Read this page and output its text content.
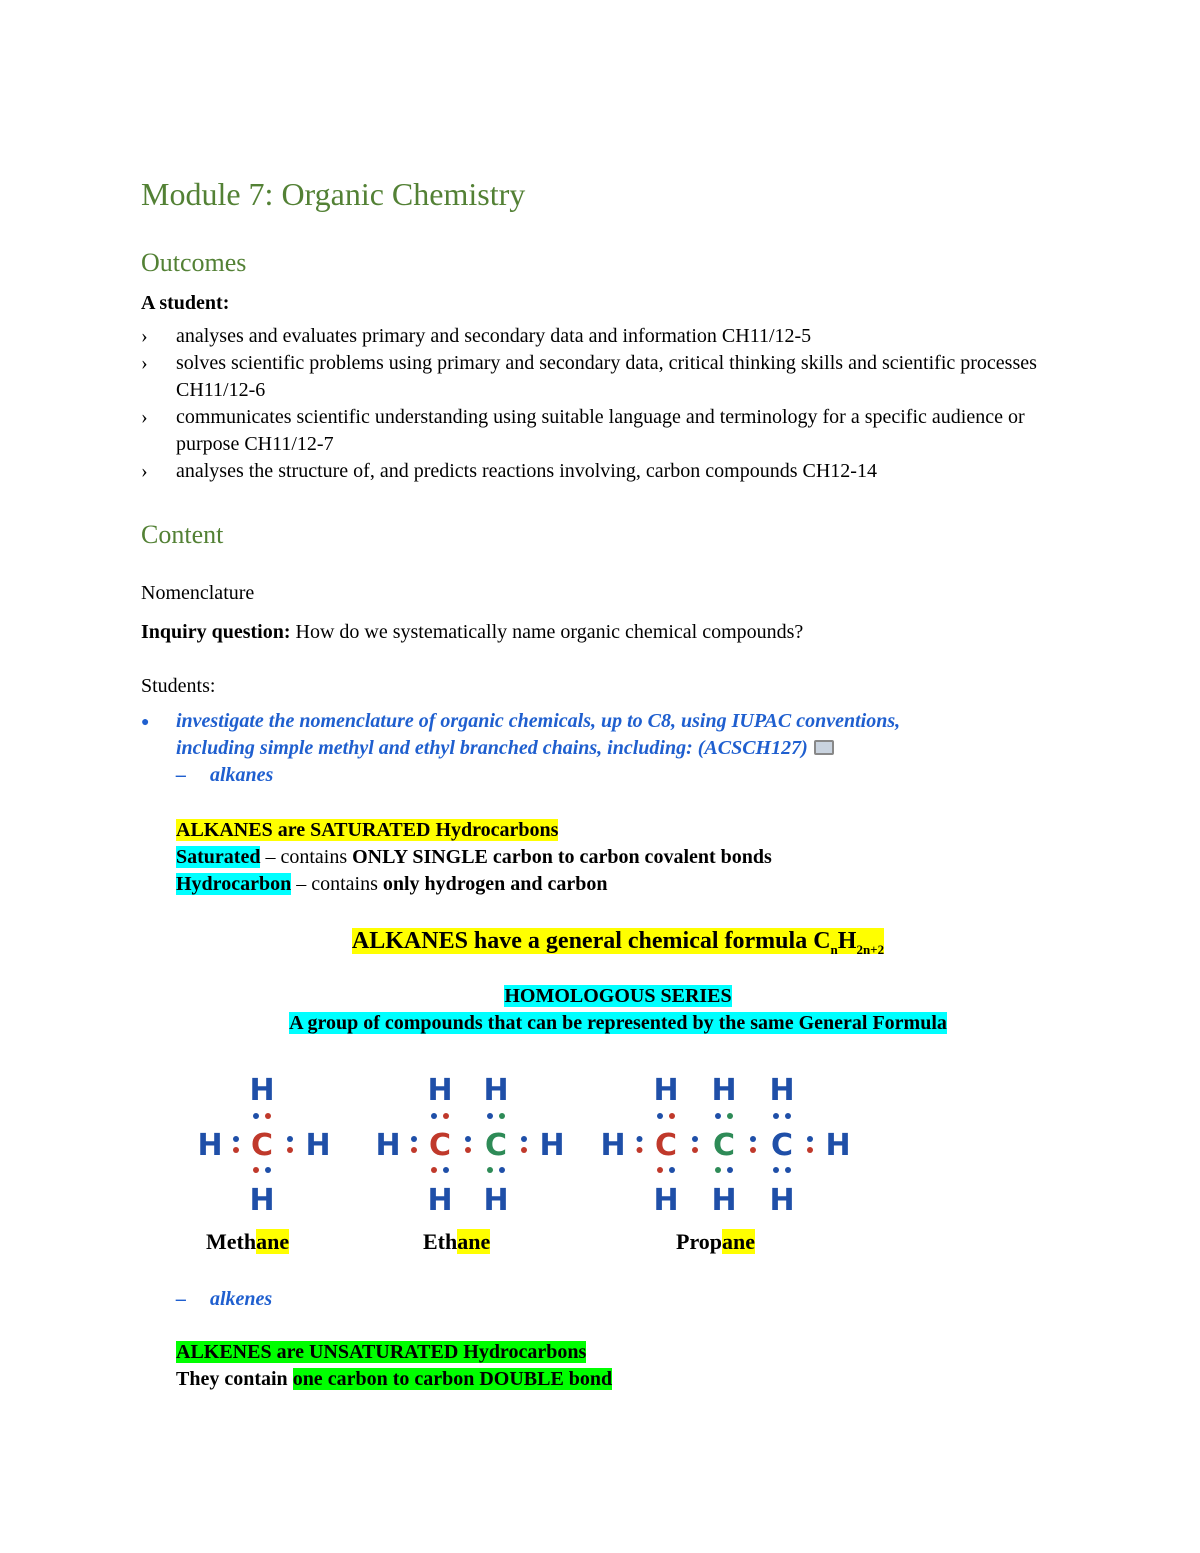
Module 7: Organic Chemistry
Outcomes
A student:
› analyses and evaluates primary and secondary data and information CH11/12-5
› solves scientific problems using primary and secondary data, critical thinking skills and scientific processes CH11/12-6
› communicates scientific understanding using suitable language and terminology for a specific audience or purpose CH11/12-7
› analyses the structure of, and predicts reactions involving, carbon compounds CH12-14
Content
Nomenclature
Inquiry question: How do we systematically name organic chemical compounds?
Students:
● investigate the nomenclature of organic chemicals, up to C8, using IUPAC conventions,
including simple methyl and ethyl branched chains, including: (ACSCH127)
– alkanes
ALKANES are SATURATED Hydrocarbons
Saturated – contains ONLY SINGLE carbon to carbon covalent bonds
Hydrocarbon – contains only hydrogen and carbon
ALKANES have a general chemical formula $C_nH_{2n+2}$
HOMOLOGOUS SERIES
A group of compounds that can be represented by the same General Formula
H	H
C
H
H
H	H
C
H
H
C
H
H
H	H
C
H
H
C
H
H
C
H
H
Methane	Ethane	Propane
– alkenes
ALKENES are UNSATURATED Hydrocarbons
They contain one carbon to carbon DOUBLE bond
